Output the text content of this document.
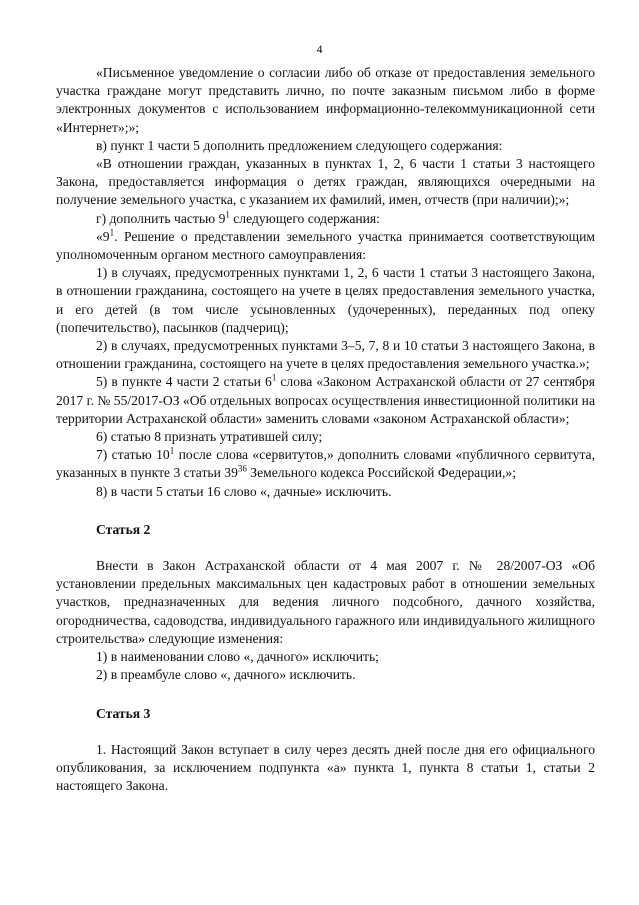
4

«Письменное уведомление о согласии либо об отказе от предоставления земельного участка граждане могут представить лично, по почте заказным письмом либо в форме электронных документов с использованием информационно-телекоммуникационной сети «Интернет»;»;

в) пункт 1 части 5 дополнить предложением следующего содержания:

«В отношении граждан, указанных в пунктах 1, 2, 6 части 1 статьи 3 настоящего Закона, предоставляется информация о детях граждан, являющихся очередными на получение земельного участка, с указанием их фамилий, имен, отчеств (при наличии);»;

г) дополнить частью $9^1$ следующего содержания:

«$9^1$. Решение о представлении земельного участка принимается соответствующим уполномоченным органом местного самоуправления:

1) в случаях, предусмотренных пунктами 1, 2, 6 части 1 статьи 3 настоящего Закона, в отношении гражданина, состоящего на учете в целях предоставления земельного участка, и его детей (в том числе усыновленных (удочеренных), переданных под опеку (попечительство), пасынков (падчериц);

2) в случаях, предусмотренных пунктами 3–5, 7, 8 и 10 статьи 3 настоящего Закона, в отношении гражданина, состоящего на учете в целях предоставления земельного участка.»;

5) в пункте 4 части 2 статьи $6^1$ слова «Законом Астраханской области от 27 сентября 2017 г. № 55/2017-ОЗ «Об отдельных вопросах осуществления инвестиционной политики на территории Астраханской области» заменить словами «законом Астраханской области»;

6) статью 8 признать утратившей силу;

7) статью $10^1$ после слова «сервитутов,» дополнить словами «публичного сервитута, указанных в пункте 3 статьи $39^{36}$ Земельного кодекса Российской Федерации,»;

8) в части 5 статьи 16 слово «, дачные» исключить.

Статья 2

Внести в Закон Астраханской области от 4 мая 2007 г. № 28/2007-ОЗ «Об установлении предельных максимальных цен кадастровых работ в отношении земельных участков, предназначенных для ведения личного подсобного, дачного хозяйства, огородничества, садоводства, индивидуального гаражного или индивидуального жилищного строительства» следующие изменения:

1) в наименовании слово «, дачного» исключить;

2) в преамбуле слово «, дачного» исключить.

Статья 3

1. Настоящий Закон вступает в силу через десять дней после дня его официального опубликования, за исключением подпункта «а» пункта 1, пункта 8 статьи 1, статьи 2 настоящего Закона.
